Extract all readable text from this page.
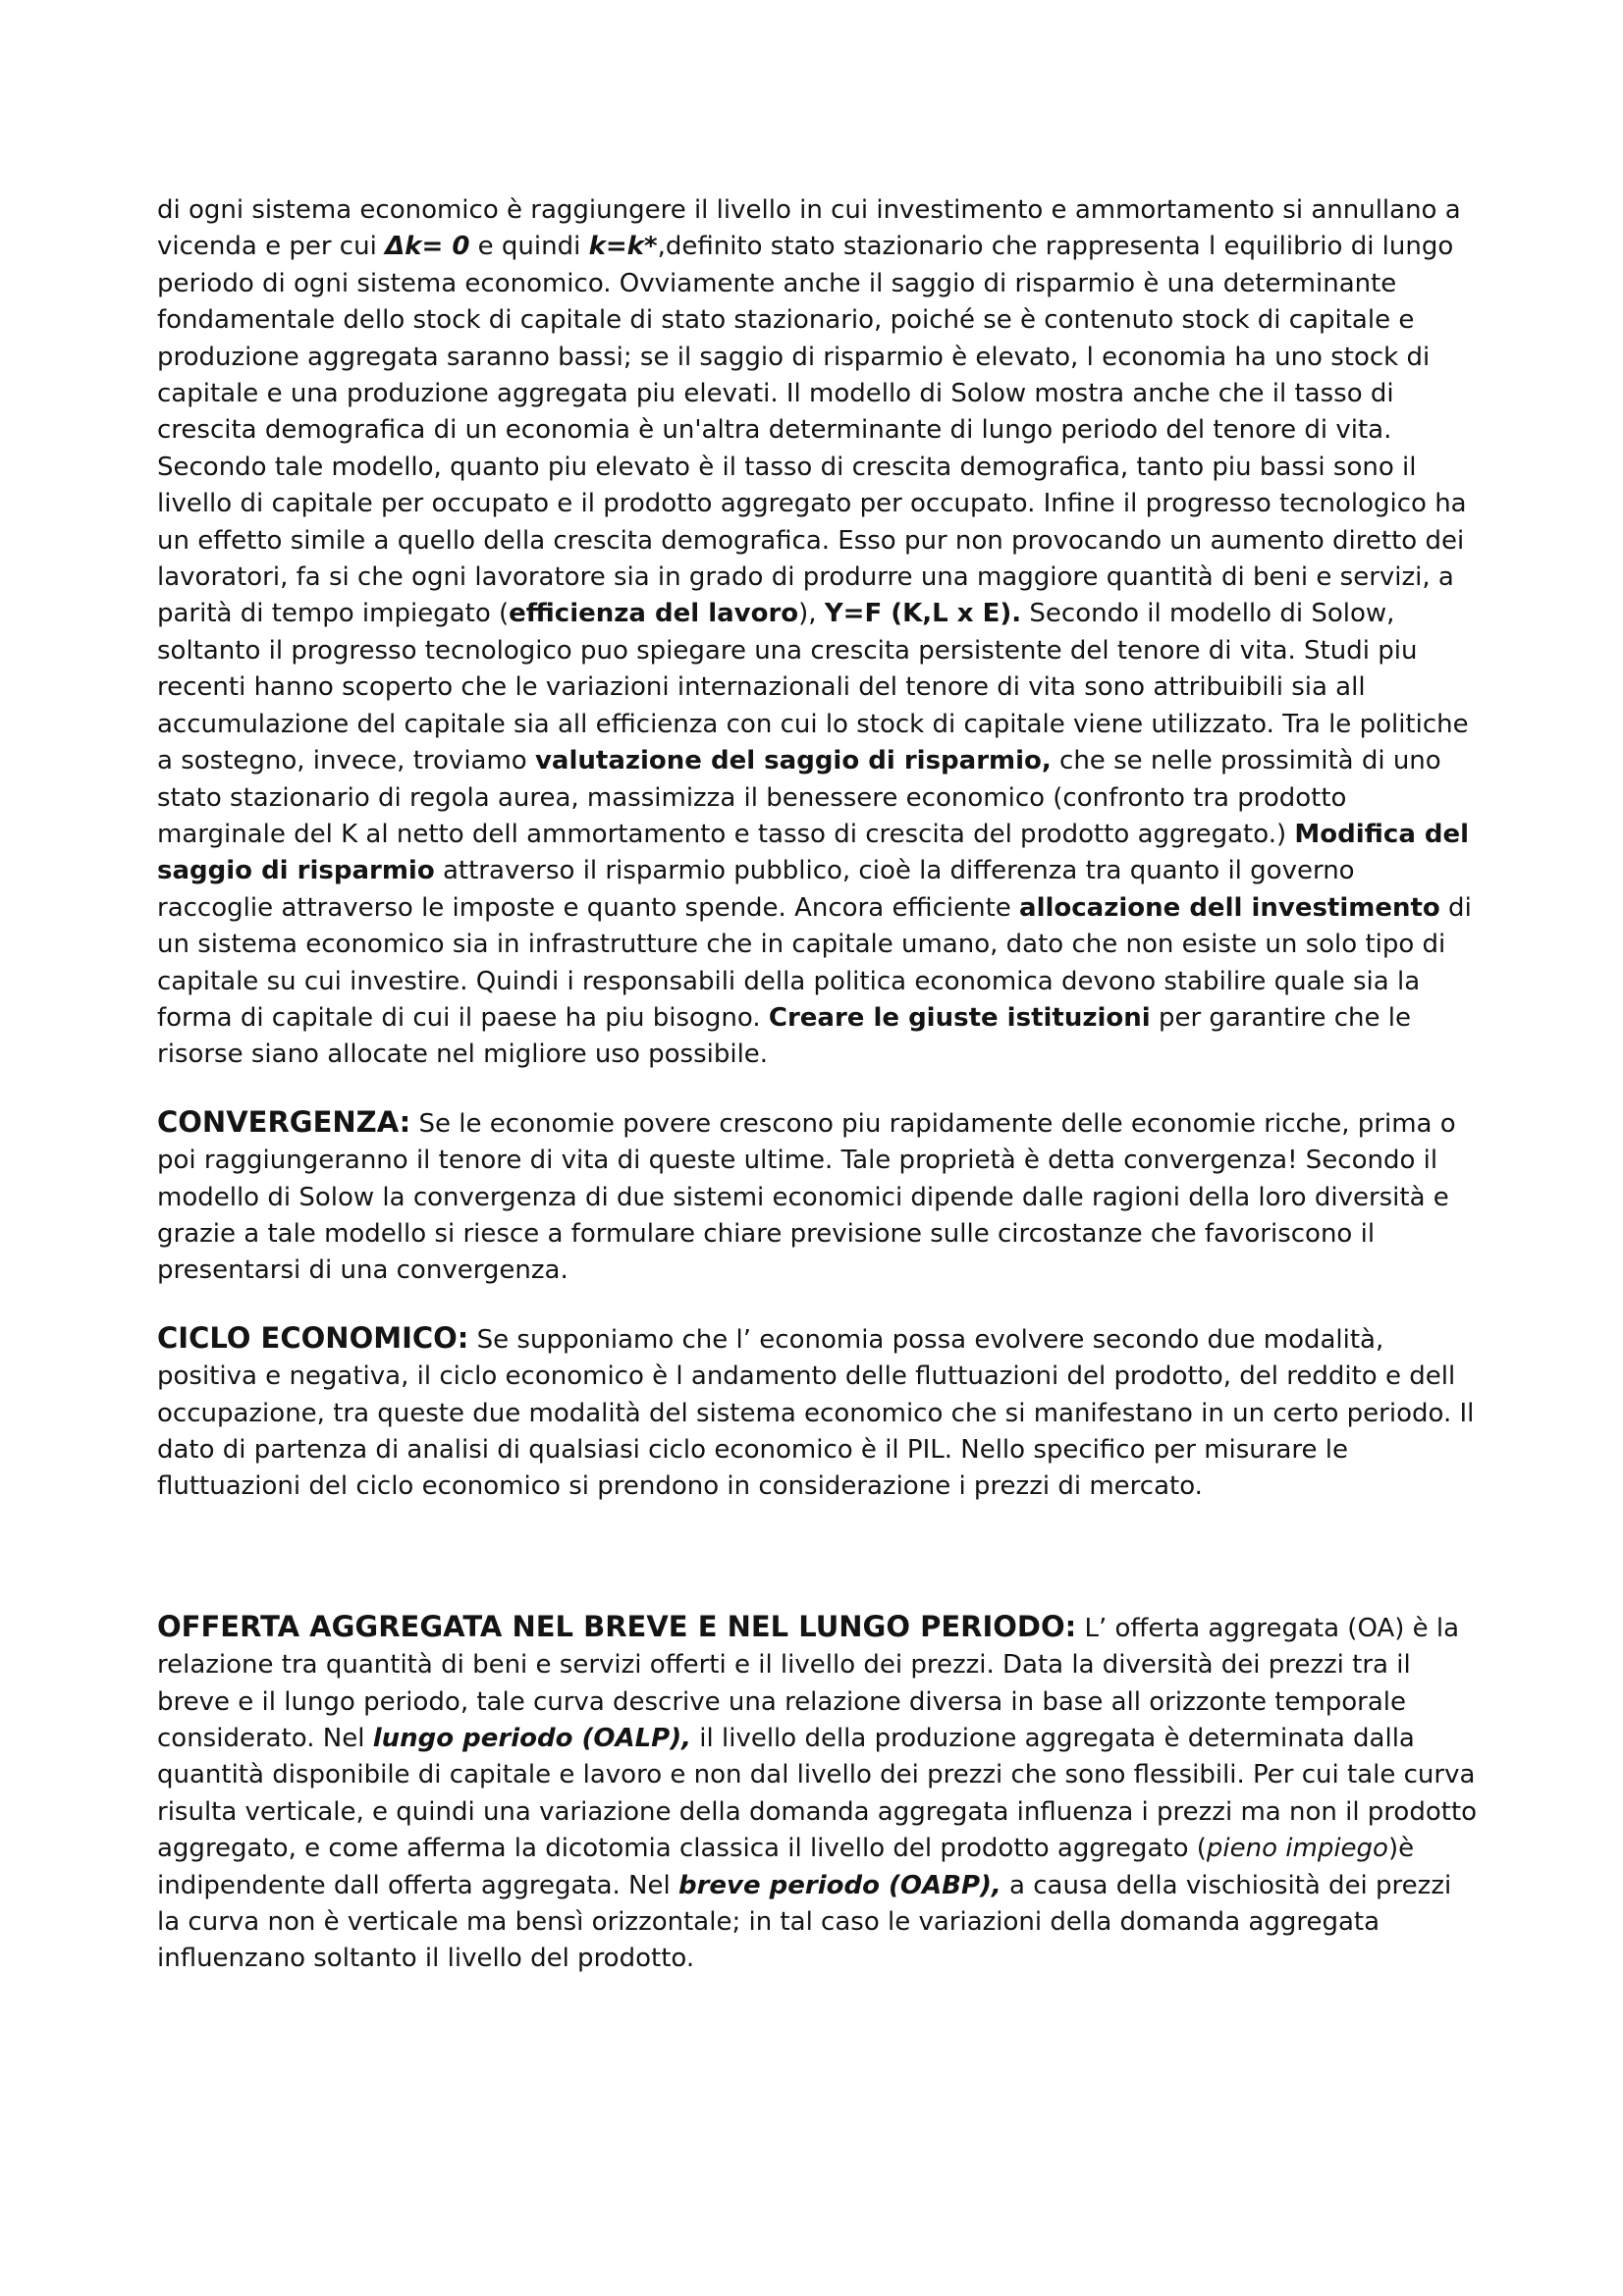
di ogni sistema economico è raggiungere il livello in cui investimento e ammortamento si annullano a vicenda e per cui Δk= 0 e quindi k=k*,definito stato stazionario che rappresenta l equilibrio di lungo periodo di ogni sistema economico. Ovviamente anche il saggio di risparmio è una determinante fondamentale dello stock di capitale di stato stazionario, poiché se è contenuto stock di capitale e produzione aggregata saranno bassi; se il saggio di risparmio è elevato, l economia ha uno stock di capitale e una produzione aggregata piu elevati. Il modello di Solow mostra anche che il tasso di crescita demografica di un economia è un'altra determinante di lungo periodo del tenore di vita. Secondo tale modello, quanto piu elevato è il tasso di crescita demografica, tanto piu bassi sono il livello di capitale per occupato e il prodotto aggregato per occupato. Infine il progresso tecnologico ha un effetto simile a quello della crescita demografica. Esso pur non provocando un aumento diretto dei lavoratori, fa si che ogni lavoratore sia in grado di produrre una maggiore quantità di beni e servizi, a parità di tempo impiegato (efficienza del lavoro), Y=F (K,L x E). Secondo il modello di Solow, soltanto il progresso tecnologico puo spiegare una crescita persistente del tenore di vita. Studi piu recenti hanno scoperto che le variazioni internazionali del tenore di vita sono attribuibili sia all accumulazione del capitale sia all efficienza con cui lo stock di capitale viene utilizzato. Tra le politiche a sostegno, invece, troviamo valutazione del saggio di risparmio, che se nelle prossimità di uno stato stazionario di regola aurea, massimizza il benessere economico (confronto tra prodotto marginale del K al netto dell ammortamento e tasso di crescita del prodotto aggregato.) Modifica del saggio di risparmio attraverso il risparmio pubblico, cioè la differenza tra quanto il governo raccoglie attraverso le imposte e quanto spende. Ancora efficiente allocazione dell investimento di un sistema economico sia in infrastrutture che in capitale umano, dato che non esiste un solo tipo di capitale su cui investire. Quindi i responsabili della politica economica devono stabilire quale sia la forma di capitale di cui il paese ha piu bisogno. Creare le giuste istituzioni per garantire che le risorse siano allocate nel migliore uso possibile.

CONVERGENZA: Se le economie povere crescono piu rapidamente delle economie ricche, prima o poi raggiungeranno il tenore di vita di queste ultime. Tale proprietà è detta convergenza! Secondo il modello di Solow la convergenza di due sistemi economici dipende dalle ragioni della loro diversità e grazie a tale modello si riesce a formulare chiare previsione sulle circostanze che favoriscono il presentarsi di una convergenza.

CICLO ECONOMICO: Se supponiamo che l’ economia possa evolvere secondo due modalità, positiva e negativa, il ciclo economico è l andamento delle fluttuazioni del prodotto, del reddito e dell occupazione, tra queste due modalità del sistema economico che si manifestano in un certo periodo. Il dato di partenza di analisi di qualsiasi ciclo economico è il PIL. Nello specifico per misurare le fluttuazioni del ciclo economico si prendono in considerazione i prezzi di mercato.

OFFERTA AGGREGATA NEL BREVE E NEL LUNGO PERIODO: L’ offerta aggregata (OA) è la relazione tra quantità di beni e servizi offerti e il livello dei prezzi. Data la diversità dei prezzi tra il breve e il lungo periodo, tale curva descrive una relazione diversa in base all orizzonte temporale considerato. Nel lungo periodo (OALP), il livello della produzione aggregata è determinata dalla quantità disponibile di capitale e lavoro e non dal livello dei prezzi che sono flessibili. Per cui tale curva risulta verticale, e quindi una variazione della domanda aggregata influenza i prezzi ma non il prodotto aggregato, e come afferma la dicotomia classica il livello del prodotto aggregato (pieno impiego)è indipendente dall offerta aggregata. Nel breve periodo (OABP), a causa della vischiosità dei prezzi la curva non è verticale ma bensì orizzontale; in tal caso le variazioni della domanda aggregata influenzano soltanto il livello del prodotto.
